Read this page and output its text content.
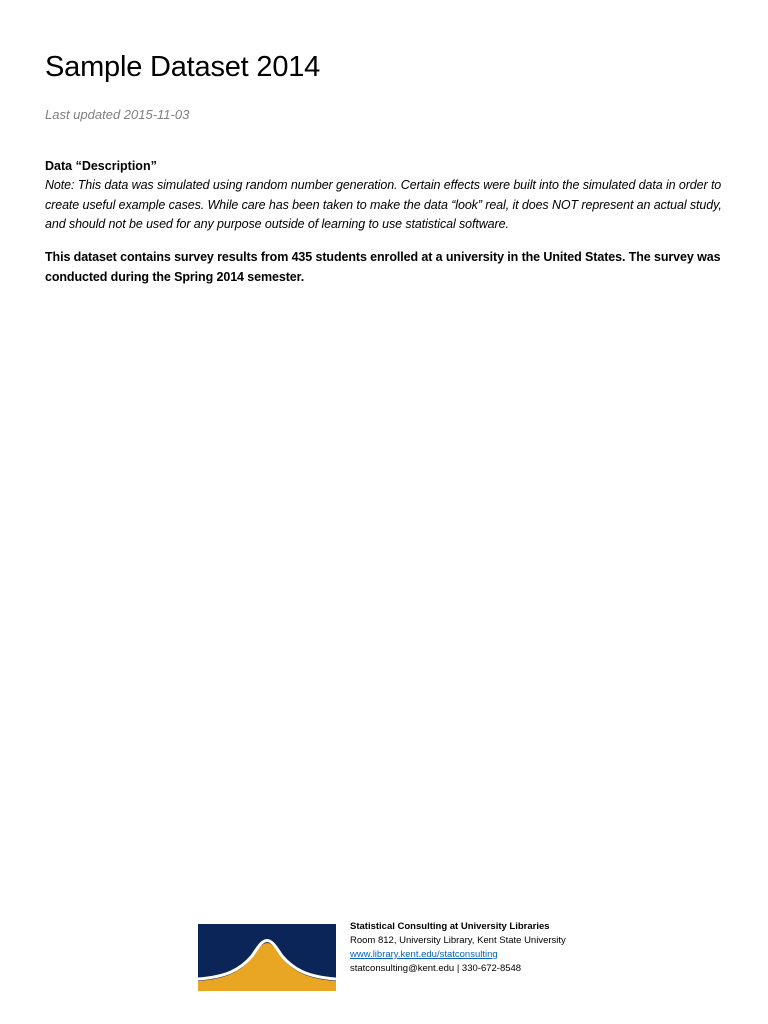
Sample Dataset 2014

Last updated 2015-11-03

Data “Description”

Note: This data was simulated using random number generation. Certain effects were built into the simulated data in order to create useful example cases. While care has been taken to make the data “look” real, it does NOT represent an actual study, and should not be used for any purpose outside of learning to use statistical software.

This dataset contains survey results from 435 students enrolled at a university in the United States. The survey was conducted during the Spring 2014 semester.

Statistical Consulting at University Libraries
Room 812, University Library, Kent State University
www.library.kent.edu/statconsulting
statconsulting@kent.edu | 330-672-8548
